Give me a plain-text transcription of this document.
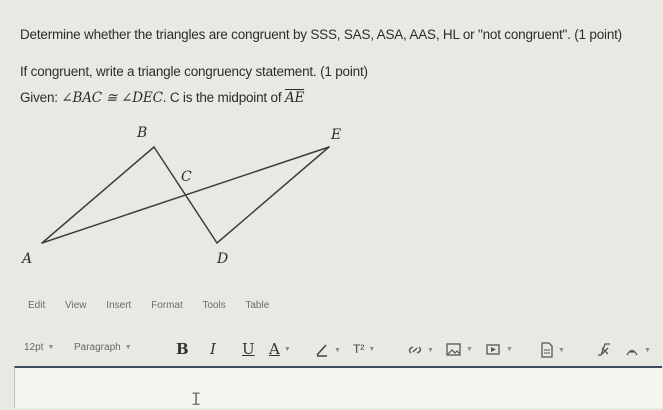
Determine whether the triangles are congruent by SSS, SAS, ASA, AAS, HL or "not congruent". (1 point)
If congruent, write a triangle congruency statement. (1 point)
Given: ∠BAC ≅ ∠DEC. C is the midpoint of $\overline{AE}$
B	E
C
A	D
Edit View Insert Format Tools Table
12pt ▼ Paragraph ▼	B I U A ▼	▼ T² ▼	▼	▼	▼	▼	▼
I
